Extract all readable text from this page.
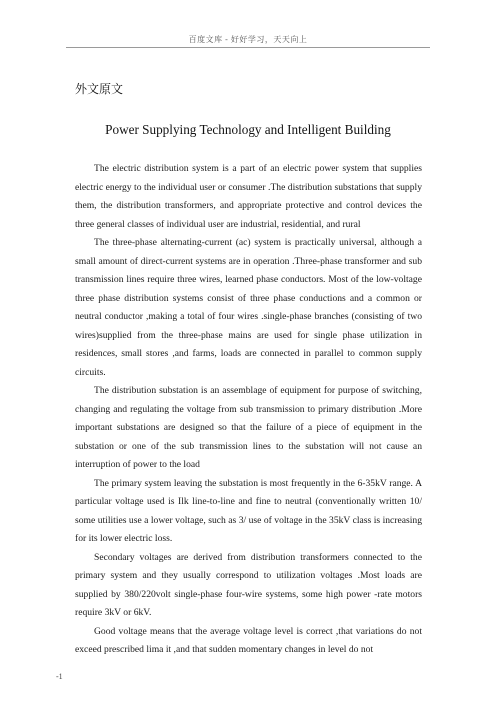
百度文库 - 好好学习，天天向上
外文原文
Power Supplying Technology and Intelligent Building

The electric distribution system is a part of an electric power system that supplies electric energy to the individual user or consumer .The distribution substations that supply them, the distribution transformers, and appropriate protective and control devices the three general classes of individual user are industrial, residential, and rural

The three-phase alternating-current (ac) system is practically universal, although a small amount of direct-current systems are in operation .Three-phase transformer and sub transmission lines require three wires, learned phase conductors. Most of the low-voltage three phase distribution systems consist of three phase conductions and a common or neutral conductor ,making a total of four wires .single-phase branches (consisting of two wires)supplied from the three-phase mains are used for single phase utilization in residences, small stores ,and farms, loads are connected in parallel to common supply circuits.

The distribution substation is an assemblage of equipment for purpose of switching, changing and regulating the voltage from sub transmission to primary distribution .More important substations are designed so that the failure of a piece of equipment in the substation or one of the sub transmission lines to the substation will not cause an interruption of power to the load

The primary system leaving the substation is most frequently in the 6-35kV range. A particular voltage used is Ilk line-to-line and fine to neutral (conventionally written 10/ some utilities use a lower voltage, such as 3/ use of voltage in the 35kV class is increasing for its lower electric loss.

Secondary voltages are derived from distribution transformers connected to the primary system and they usually correspond to utilization voltages .Most loads are supplied by 380/220volt single-phase four-wire systems, some high power -rate motors require 3kV or 6kV.

Good voltage means that the average voltage level is correct ,that variations do not exceed prescribed lima it ,and that sudden momentary changes in level do not

-1
